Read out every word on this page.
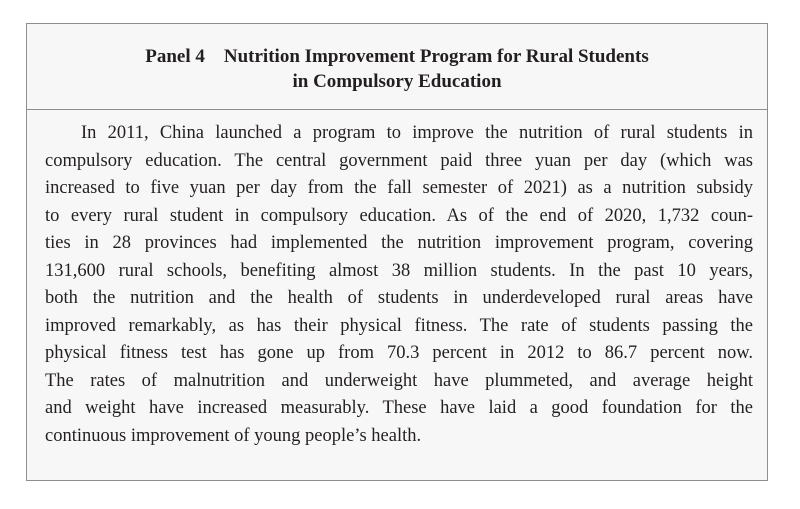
Panel 4    Nutrition Improvement Program for Rural Students
in Compulsory Education

In 2011, China launched a program to improve the nutrition of rural students in
compulsory education. The central government paid three yuan per day (which was
increased to five yuan per day from the fall semester of 2021) as a nutrition subsidy
to every rural student in compulsory education. As of the end of 2020, 1,732 coun-
ties in 28 provinces had implemented the nutrition improvement program, covering
131,600 rural schools, benefiting almost 38 million students. In the past 10 years,
both the nutrition and the health of students in underdeveloped rural areas have
improved remarkably, as has their physical fitness. The rate of students passing the
physical fitness test has gone up from 70.3 percent in 2012 to 86.7 percent now.
The rates of malnutrition and underweight have plummeted, and average height
and weight have increased measurably. These have laid a good foundation for the
continuous improvement of young people’s health.
